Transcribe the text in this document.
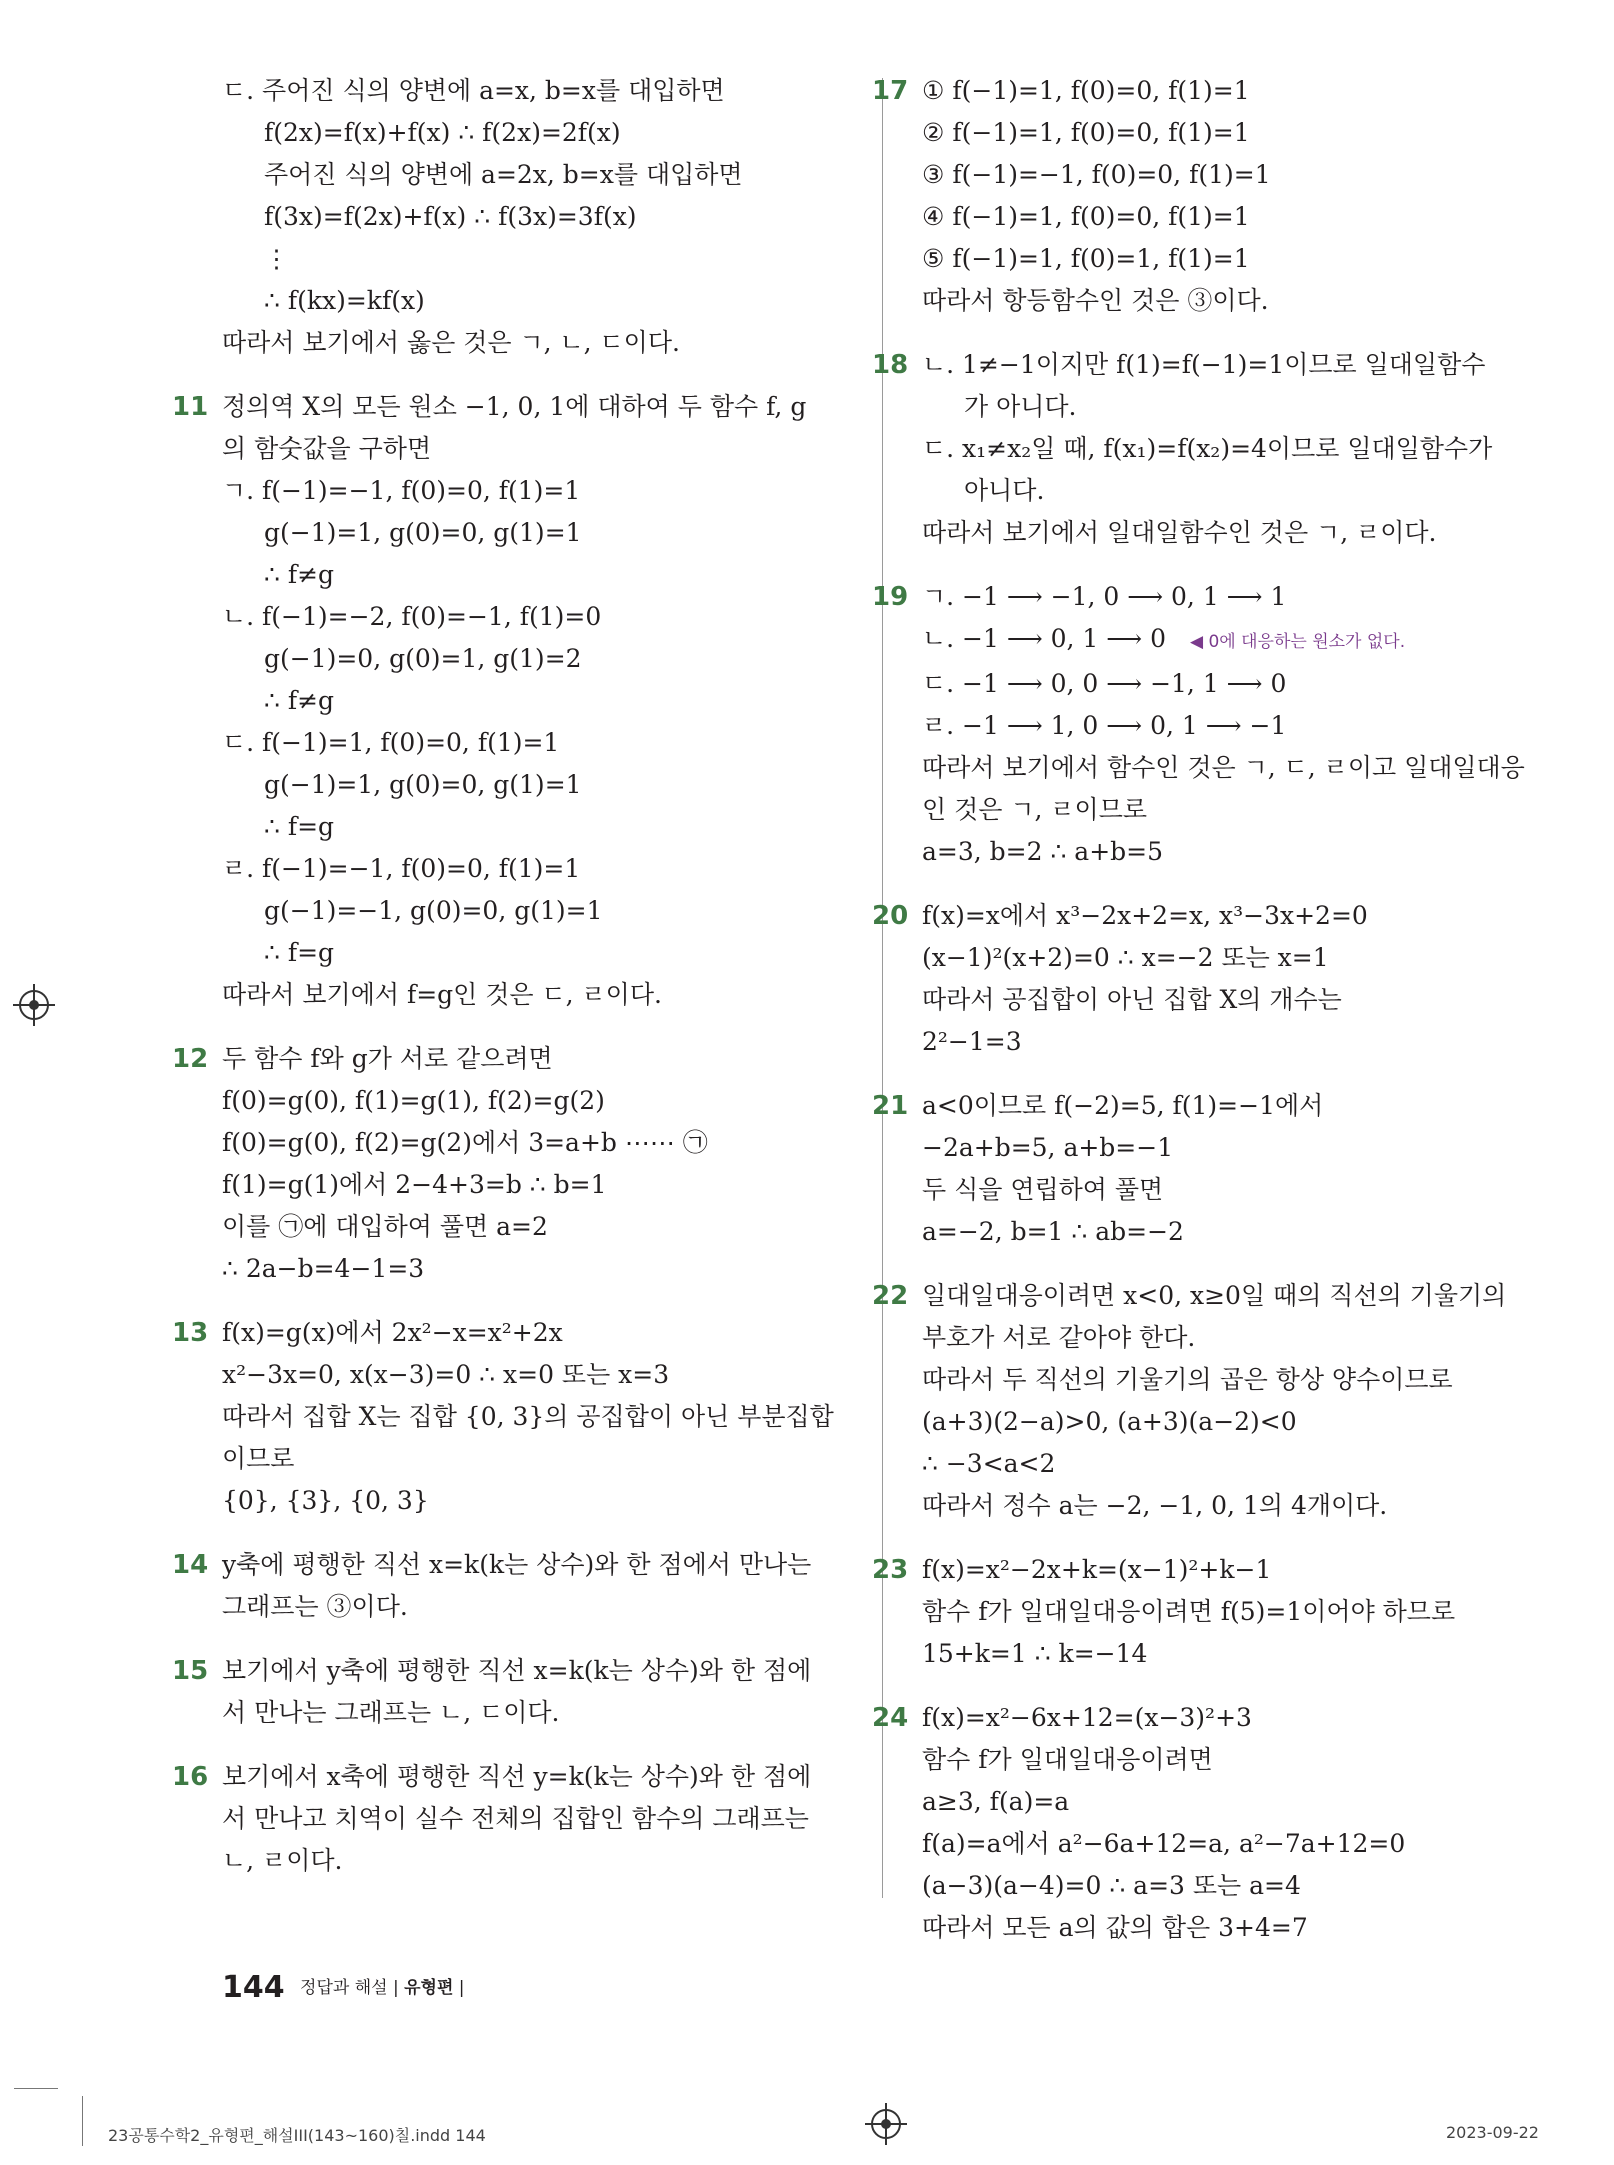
ㄷ. 주어진 식의 양변에 a=x, b=x를 대입하면
f(2x)=f(x)+f(x) ∴ f(2x)=2f(x)
주어진 식의 양변에 a=2x, b=x를 대입하면
f(3x)=f(2x)+f(x) ∴ f(3x)=3f(x)
⋮
∴ f(kx)=kf(x)
따라서 보기에서 옳은 것은 ㄱ, ㄴ, ㄷ이다.
11 정의역 X의 모든 원소 −1, 0, 1에 대하여 두 함수 f, g
의 함숫값을 구하면
ㄱ. f(−1)=−1, f(0)=0, f(1)=1
g(−1)=1, g(0)=0, g(1)=1
∴ f≠g
ㄴ. f(−1)=−2, f(0)=−1, f(1)=0
g(−1)=0, g(0)=1, g(1)=2
∴ f≠g
ㄷ. f(−1)=1, f(0)=0, f(1)=1
g(−1)=1, g(0)=0, g(1)=1
∴ f=g
ㄹ. f(−1)=−1, f(0)=0, f(1)=1
g(−1)=−1, g(0)=0, g(1)=1
∴ f=g
따라서 보기에서 f=g인 것은 ㄷ, ㄹ이다.
12 두 함수 f와 g가 서로 같으려면
f(0)=g(0), f(1)=g(1), f(2)=g(2)
f(0)=g(0), f(2)=g(2)에서 3=a+b ⋯⋯ ㉠
f(1)=g(1)에서 2−4+3=b ∴ b=1
이를 ㉠에 대입하여 풀면 a=2
∴ 2a−b=4−1=3
13 f(x)=g(x)에서 2x²−x=x²+2x
x²−3x=0, x(x−3)=0 ∴ x=0 또는 x=3
따라서 집합 X는 집합 {0, 3}의 공집합이 아닌 부분집합
이므로
{0}, {3}, {0, 3}
14 y축에 평행한 직선 x=k(k는 상수)와 한 점에서 만나는
그래프는 ③이다.
15 보기에서 y축에 평행한 직선 x=k(k는 상수)와 한 점에
서 만나는 그래프는 ㄴ, ㄷ이다.
16 보기에서 x축에 평행한 직선 y=k(k는 상수)와 한 점에
서 만나고 치역이 실수 전체의 집합인 함수의 그래프는
ㄴ, ㄹ이다.
17 ① f(−1)=1, f(0)=0, f(1)=1
② f(−1)=1, f(0)=0, f(1)=1
③ f(−1)=−1, f(0)=0, f(1)=1
④ f(−1)=1, f(0)=0, f(1)=1
⑤ f(−1)=1, f(0)=1, f(1)=1
따라서 항등함수인 것은 ③이다.
18 ㄴ. 1≠−1이지만 f(1)=f(−1)=1이므로 일대일함수
가 아니다.
ㄷ. x₁≠x₂일 때, f(x₁)=f(x₂)=4이므로 일대일함수가
아니다.
따라서 보기에서 일대일함수인 것은 ㄱ, ㄹ이다.
19 ㄱ. −1 ⟶ −1, 0 ⟶ 0, 1 ⟶ 1
ㄴ. −1 ⟶ 0, 1 ⟶ 0 ◀ 0에 대응하는 원소가 없다.
ㄷ. −1 ⟶ 0, 0 ⟶ −1, 1 ⟶ 0
ㄹ. −1 ⟶ 1, 0 ⟶ 0, 1 ⟶ −1
따라서 보기에서 함수인 것은 ㄱ, ㄷ, ㄹ이고 일대일대응
인 것은 ㄱ, ㄹ이므로
a=3, b=2 ∴ a+b=5
20 f(x)=x에서 x³−2x+2=x, x³−3x+2=0
(x−1)²(x+2)=0 ∴ x=−2 또는 x=1
따라서 공집합이 아닌 집합 X의 개수는
2²−1=3
21 a<0이므로 f(−2)=5, f(1)=−1에서
−2a+b=5, a+b=−1
두 식을 연립하여 풀면
a=−2, b=1 ∴ ab=−2
22 일대일대응이려면 x<0, x≥0일 때의 직선의 기울기의
부호가 서로 같아야 한다.
따라서 두 직선의 기울기의 곱은 항상 양수이므로
(a+3)(2−a)>0, (a+3)(a−2)<0
∴ −3<a<2
따라서 정수 a는 −2, −1, 0, 1의 4개이다.
23 f(x)=x²−2x+k=(x−1)²+k−1
함수 f가 일대일대응이려면 f(5)=1이어야 하므로
15+k=1 ∴ k=−14
24 f(x)=x²−6x+12=(x−3)²+3
함수 f가 일대일대응이려면
a≥3, f(a)=a
f(a)=a에서 a²−6a+12=a, a²−7a+12=0
(a−3)(a−4)=0 ∴ a=3 또는 a=4
따라서 모든 a의 값의 합은 3+4=7
144 정답과 해설 | 유형편 |
23공통수학2_유형편_해설III(143~160)칠.indd 144	2023-09-22
